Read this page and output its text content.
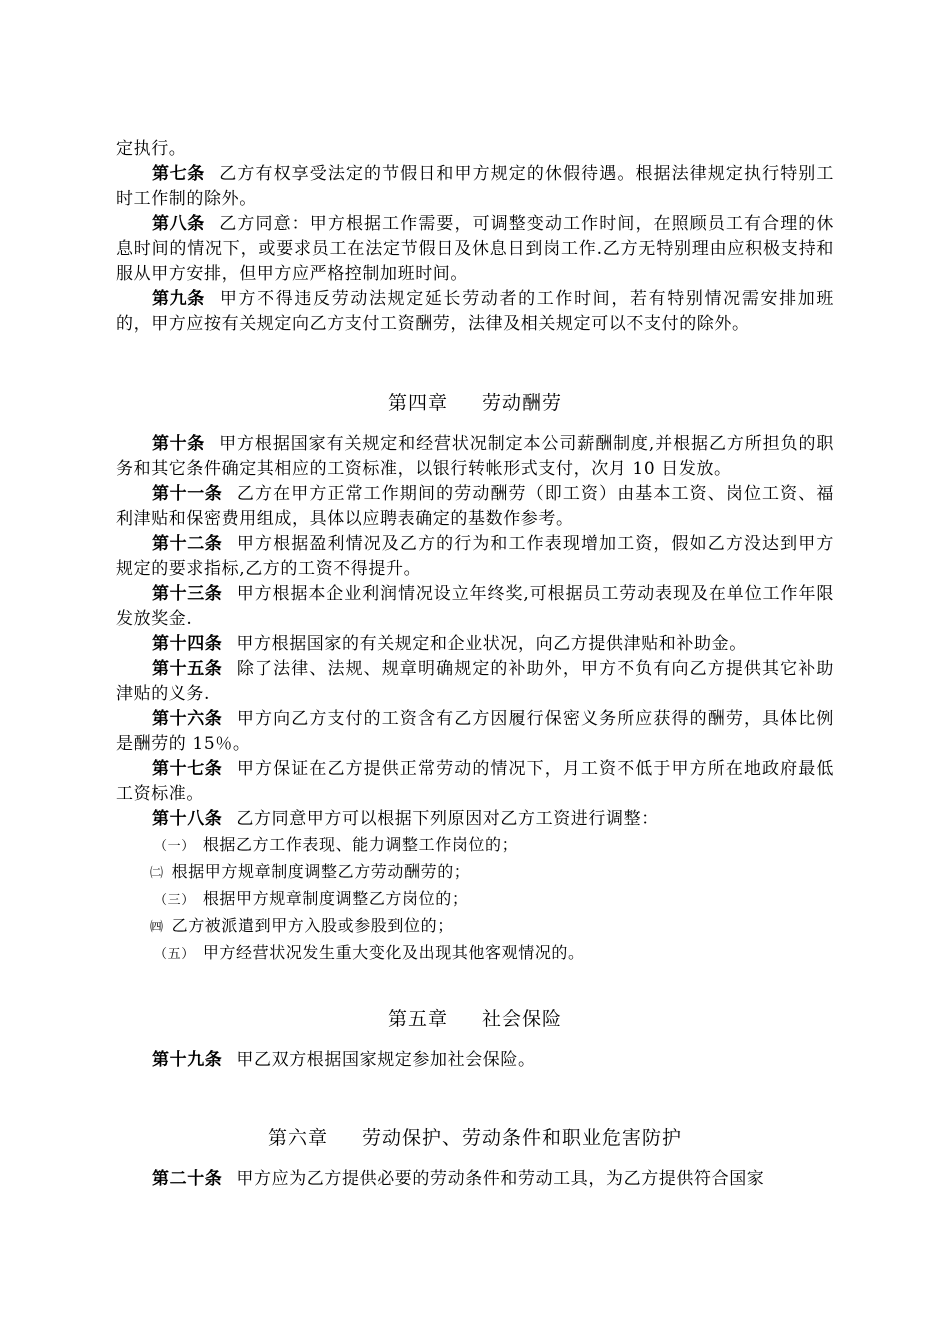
定执行。

第七条 乙方有权享受法定的节假日和甲方规定的休假待遇。根据法律规定执行特别工时工作制的除外。

第八条 乙方同意：甲方根据工作需要，可调整变动工作时间，在照顾员工有合理的休息时间的情况下，或要求员工在法定节假日及休息日到岗工作.乙方无特别理由应积极支持和服从甲方安排，但甲方应严格控制加班时间。

第九条 甲方不得违反劳动法规定延长劳动者的工作时间，若有特别情况需安排加班的，甲方应按有关规定向乙方支付工资酬劳，法律及相关规定可以不支付的除外。

第四章 劳动酬劳

第十条 甲方根据国家有关规定和经营状况制定本公司薪酬制度,并根据乙方所担负的职务和其它条件确定其相应的工资标准，以银行转帐形式支付，次月 10 日发放。

第十一条 乙方在甲方正常工作期间的劳动酬劳（即工资）由基本工资、岗位工资、福利津贴和保密费用组成，具体以应聘表确定的基数作参考。

第十二条 甲方根据盈利情况及乙方的行为和工作表现增加工资，假如乙方没达到甲方规定的要求指标,乙方的工资不得提升。

第十三条 甲方根据本企业利润情况设立年终奖,可根据员工劳动表现及在单位工作年限发放奖金.

第十四条 甲方根据国家的有关规定和企业状况，向乙方提供津贴和补助金。

第十五条 除了法律、法规、规章明确规定的补助外，甲方不负有向乙方提供其它补助津贴的义务.

第十六条 甲方向乙方支付的工资含有乙方因履行保密义务所应获得的酬劳，具体比例是酬劳的 15％。

第十七条 甲方保证在乙方提供正常劳动的情况下，月工资不低于甲方所在地政府最低工资标准。

第十八条 乙方同意甲方可以根据下列原因对乙方工资进行调整：

（一） 根据乙方工作表现、能力调整工作岗位的；

㈡ 根据甲方规章制度调整乙方劳动酬劳的；

（三） 根据甲方规章制度调整乙方岗位的；

㈣ 乙方被派遣到甲方入股或参股到位的；

（五） 甲方经营状况发生重大变化及出现其他客观情况的。

第五章 社会保险

第十九条 甲乙双方根据国家规定参加社会保险。

第六章 劳动保护、劳动条件和职业危害防护

第二十条 甲方应为乙方提供必要的劳动条件和劳动工具，为乙方提供符合国家
